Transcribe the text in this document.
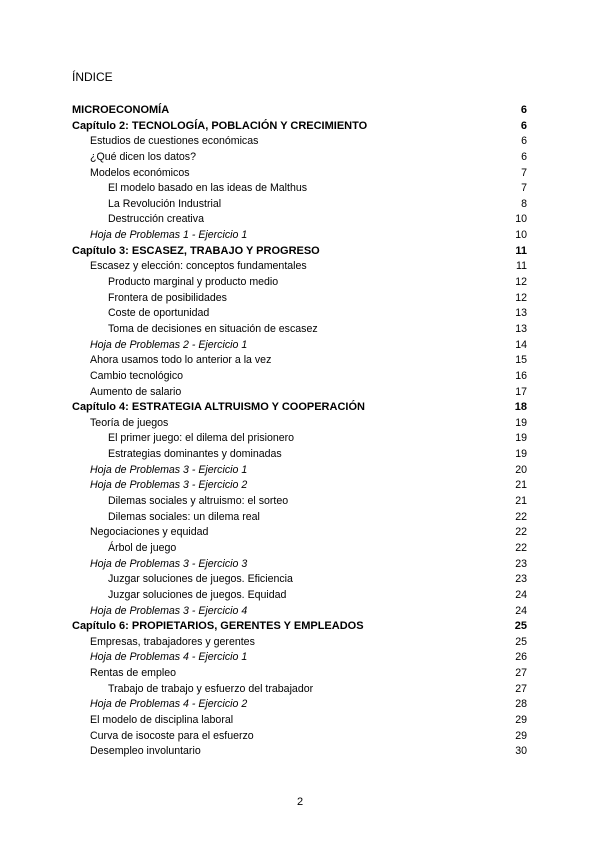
ÍNDICE
MICROECONOMÍA	6
Capítulo 2: TECNOLOGÍA, POBLACIÓN Y CRECIMIENTO	6
Estudios de cuestiones económicas	6
¿Qué dicen los datos?	6
Modelos económicos	7
El modelo basado en las ideas de Malthus	7
La Revolución Industrial	8
Destrucción creativa	10
Hoja de Problemas 1 - Ejercicio 1	10
Capítulo 3: ESCASEZ, TRABAJO Y PROGRESO	11
Escasez y elección: conceptos fundamentales	11
Producto marginal y producto medio	12
Frontera de posibilidades	12
Coste de oportunidad	13
Toma de decisiones en situación de escasez	13
Hoja de Problemas 2 - Ejercicio 1	14
Ahora usamos todo lo anterior a la vez	15
Cambio tecnológico	16
Aumento de salario	17
Capítulo 4: ESTRATEGIA ALTRUISMO Y COOPERACIÓN	18
Teoría de juegos	19
El primer juego: el dilema del prisionero	19
Estrategias dominantes y dominadas	19
Hoja de Problemas 3 - Ejercicio 1	20
Hoja de Problemas 3 - Ejercicio 2	21
Dilemas sociales y altruismo: el sorteo	21
Dilemas sociales: un dilema real	22
Negociaciones y equidad	22
Árbol de juego	22
Hoja de Problemas 3 - Ejercicio 3	23
Juzgar soluciones de juegos. Eficiencia	23
Juzgar soluciones de juegos. Equidad	24
Hoja de Problemas 3 - Ejercicio 4	24
Capítulo 6: PROPIETARIOS, GERENTES Y EMPLEADOS	25
Empresas, trabajadores y gerentes	25
Hoja de Problemas 4 - Ejercicio 1	26
Rentas de empleo	27
Trabajo de trabajo y esfuerzo del trabajador	27
Hoja de Problemas 4 - Ejercicio 2	28
El modelo de disciplina laboral	29
Curva de isocoste para el esfuerzo	29
Desempleo involuntario	30
2
